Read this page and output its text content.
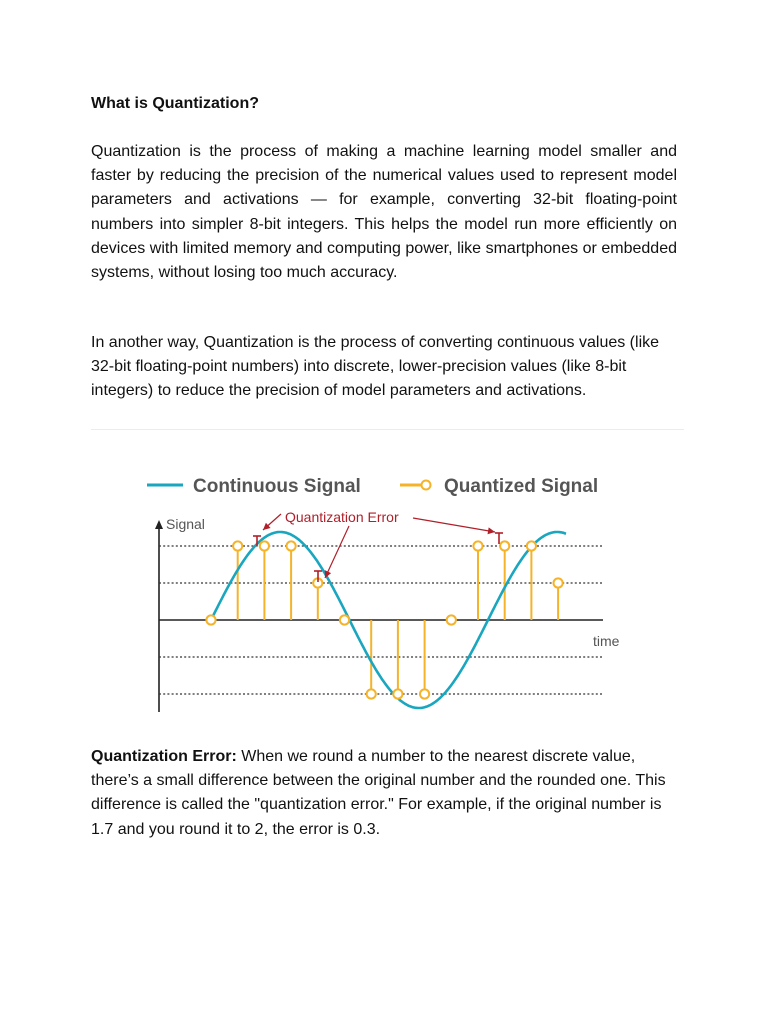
What is Quantization?

Quantization is the process of making a machine learning model smaller and faster by reducing the precision of the numerical values used to represent model parameters and activations — for example, converting 32-bit floating-point numbers into simpler 8-bit integers. This helps the model run more efficiently on devices with limited memory and computing power, like smartphones or embedded systems, without losing too much accuracy.

In another way, Quantization is the process of converting continuous values (like 32-bit floating-point numbers) into discrete, lower-precision values (like 8-bit integers) to reduce the precision of model parameters and activations.

Quantization Error: When we round a number to the nearest discrete value, there’s a small difference between the original number and the rounded one. This difference is called the "quantization error." For example, if the original number is 1.7 and you round it to 2, the error is 0.3.

Continuous Signal	Quantized Signal
Signal
time
Quantization Error
